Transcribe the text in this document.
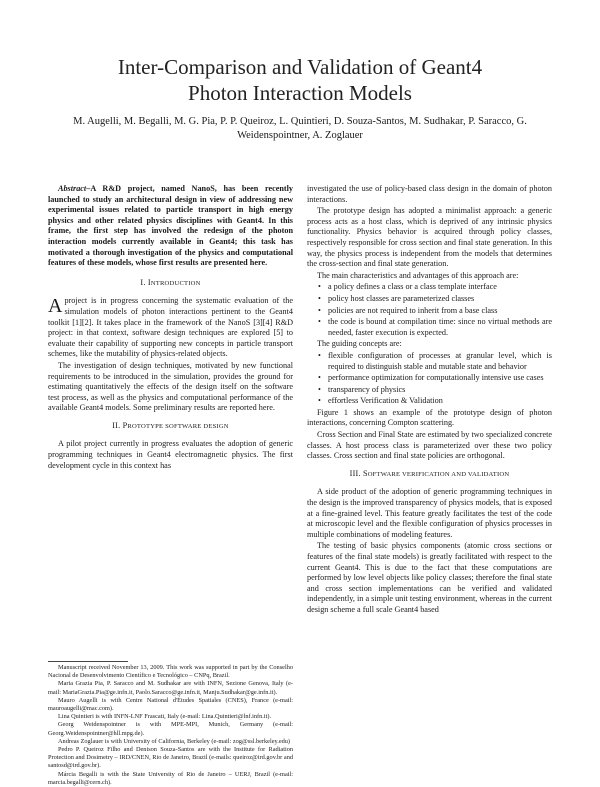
Inter-Comparison and Validation of Geant4
Photon Interaction Models
M. Augelli, M. Begalli, M. G. Pia, P. P. Queiroz, L. Quintieri, D. Souza-Santos, M. Sudhakar, P. Saracco, G. Weidenspointner, A. Zoglauer

Abstract–A R&D project, named NanoS, has been recently launched to study an architectural design in view of addressing new experimental issues related to particle transport in high energy physics and other related physics disciplines with Geant4. In this frame, the first step has involved the redesign of the photon interaction models currently available in Geant4; this task has motivated a thorough investigation of the physics and computational features of these models, whose first results are presented here.

I. INTRODUCTION

Aproject is in progress concerning the systematic evaluation of the simulation models of photon interactions pertinent to the Geant4 toolkit [1][2]. It takes place in the framework of the NanoS [3][4] R&D project: in that context, software design techniques are explored [5] to evaluate their capability of supporting new concepts in particle transport schemes, like the mutability of physics-related objects.

The investigation of design techniques, motivated by new functional requirements to be introduced in the simulation, provides the ground for estimating quantitatively the effects of the design itself on the software test process, as well as the physics and computational performance of the available Geant4 models. Some preliminary results are reported here.

II. PROTOTYPE SOFTWARE DESIGN

A pilot project currently in progress evaluates the adoption of generic programming techniques in Geant4 electromagnetic physics. The first development cycle in this context has

Manuscript received November 13, 2009. This work was supported in part by the Conselho Nacional de Desenvolvimento Científico e Tecnológico – CNPq, Brazil.

Maria Grazia Pia, P. Saracco and M. Sudhakar are with INFN, Sezione Genova, Italy (e-mail: MariaGrazia.Pia@ge.infn.it, Paolo.Saracco@ge.infn.it, Manju.Sudhakar@ge.infn.it).

Mauro Augelli is with Centre National d'Études Spatiales (CNES), France (e-mail: mauroaugelli@mac.com).

Lina Quintieri is with INFN-LNF Frascati, Italy (e-mail: Lina.Quintieri@lnf.infn.it).

Georg Weidenspointner is with MPE-MPI, Munich, Germany (e-mail: Georg.Weidenspointner@hll.mpg.de).

Andreas Zoglauer is with University of California, Berkeley (e-mail: zog@ssl.berkeley.edu)

Pedro P. Queiroz Filho and Denison Souza-Santos are with the Institute for Radiation Protection and Dosimetry – IRD/CNEN, Rio de Janeiro, Brazil (e-mails: queiroz@ird.gov.br and santosd@ird.gov.br).

Márcia Begalli is with the State University of Rio de Janeiro – UERJ, Brazil (e-mail: marcia.begalli@cern.ch).

investigated the use of policy-based class design in the domain of photon interactions.

The prototype design has adopted a minimalist approach: a generic process acts as a host class, which is deprived of any intrinsic physics functionality. Physics behavior is acquired through policy classes, respectively responsible for cross section and final state generation. In this way, the physics process is independent from the models that determines the cross-section and final state generation.

The main characteristics and advantages of this approach are:

• a policy defines a class or a class template interface
• policy host classes are parameterized classes
• policies are not required to inherit from a base class
• the code is bound at compilation time: since no virtual methods are needed, faster execution is expected.

The guiding concepts are:

• flexible configuration of processes at granular level, which is required to distinguish stable and mutable state and behavior
• performance optimization for computationally intensive use cases
• transparency of physics
• effortless Verification & Validation

Figure 1 shows an example of the prototype design of photon interactions, concerning Compton scattering.

Cross Section and Final State are estimated by two specialized concrete classes. A host process class is parameterized over these two policy classes. Cross section and final state policies are orthogonal.

III. SOFTWARE VERIFICATION AND VALIDATION

A side product of the adoption of generic programming techniques in the design is the improved transparency of physics models, that is exposed at a fine-grained level. This feature greatly facilitates the test of the code at microscopic level and the flexible configuration of physics processes in multiple combinations of modeling features.

The testing of basic physics components (atomic cross sections or features of the final state models) is greatly facilitated with respect to the current Geant4. This is due to the fact that these computations are performed by low level objects like policy classes; therefore the final state and cross section implementations can be verified and validated independently, in a simple unit testing environment, whereas in the current design scheme a full scale Geant4 based
